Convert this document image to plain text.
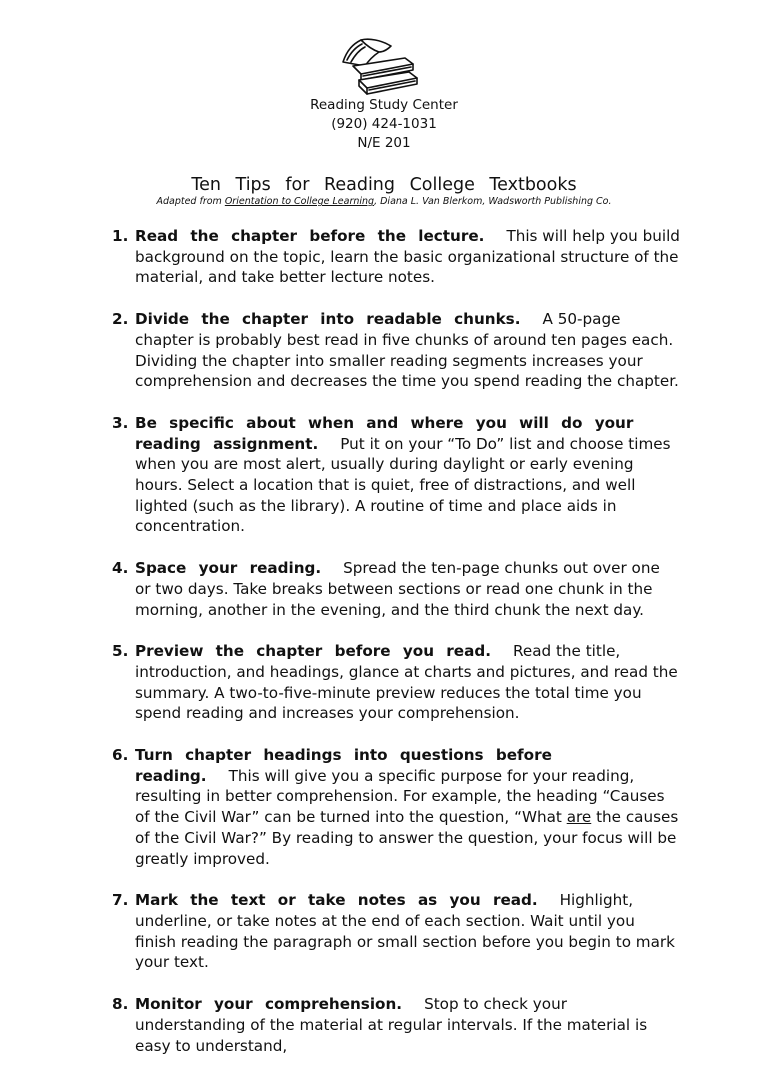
Reading Study Center
(920) 424-1031
N/E 201
Ten Tips for Reading College Textbooks
Adapted from Orientation to College Learning, Diana L. Van Blerkom, Wadsworth Publishing Co.
1. Read the chapter before the lecture. This will help you build background on the topic, learn the basic organizational structure of the material, and take better lecture notes.
2. Divide the chapter into readable chunks. A 50-page chapter is probably best read in five chunks of around ten pages each. Dividing the chapter into smaller reading segments increases your comprehension and decreases the time you spend reading the chapter.
3. Be specific about when and where you will do your reading assignment. Put it on your “To Do” list and choose times when you are most alert, usually during daylight or early evening hours. Select a location that is quiet, free of distractions, and well lighted (such as the library). A routine of time and place aids in concentration.
4. Space your reading. Spread the ten-page chunks out over one or two days. Take breaks between sections or read one chunk in the morning, another in the evening, and the third chunk the next day.
5. Preview the chapter before you read. Read the title, introduction, and headings, glance at charts and pictures, and read the summary. A two-to-five-minute preview reduces the total time you spend reading and increases your comprehension.
6. Turn chapter headings into questions before reading. This will give you a specific purpose for your reading, resulting in better comprehension. For example, the heading “Causes of the Civil War” can be turned into the question, “What are the causes of the Civil War?” By reading to answer the question, your focus will be greatly improved.
7. Mark the text or take notes as you read. Highlight, underline, or take notes at the end of each section. Wait until you finish reading the paragraph or small section before you begin to mark your text.
8. Monitor your comprehension. Stop to check your understanding of the material at regular intervals. If the material is easy to understand,
